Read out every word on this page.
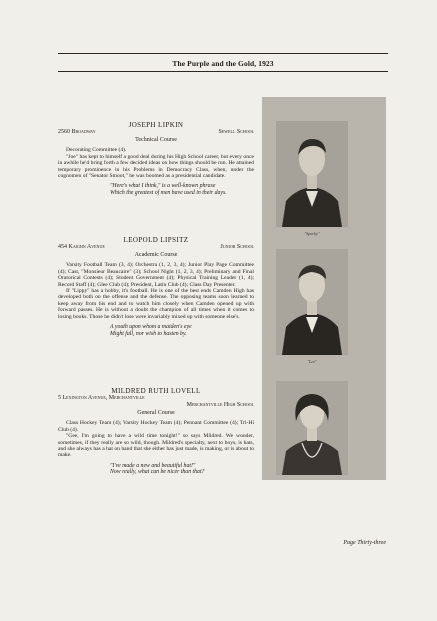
The Purple and the Gold, 1923
JOSEPH LIPKIN
2560 Broadway	Sewell School
Technical Course

Decorating Committee (4).

"Joe" has kept to himself a good deal during his High School career, but every once in awhile he'd bring forth a few decided ideas on how things should be run. He attained temporary prominence in his Problems in Democracy Class, when, under the cognomen of "Senator Smoot," he was boomed as a presidential candidate.

"Here's what I think," is a well-known phrase
Which the greatest of men have used in their days.
LEOPOLD LIPSITZ
454 Kaighn Avenue	Junior School
Academic Course

Varsity Football Team (3, 4); Orchestra (1, 2, 3, 4); Junior Play Page Committee (4); Cast, "Monsieur Beaucaire" (3); School Night (1, 2, 3, 4); Preliminary and Final Oratorical Contests (4); Student Government (4); Physical Training Leader (1, 4); Record Staff (4); Glee Club (4); President, Latin Club (4); Class Day Presenter.

If "Lippy" has a hobby, it's football. He is one of the best ends Camden High has developed both on the offense and the defense. The opposing teams soon learned to keep away from his end and to watch him closely when Camden opened up with forward passes. He is without a doubt the champion of all times when it comes to losing books. Those he didn't lose were invariably mixed up with someone else's.

A youth upon whom a maiden's eye
Might fall, nor wish to hasten by.
MILDRED RUTH LOVELL
5 Lexington Avenue, Merchantville
Merchantville High School
General Course

Class Hockey Team (4); Varsity Hockey Team (4); Pennant Committee (4); Tri-Hi Club (4).

"Gee, I'm going to have a wild time tonight!" so says Mildred. We wonder, sometimes, if they really are so wild, though. Mildred's specialty, next to boys, is hats, and she always has a hat on hand that she either has just made, is making, or is about to make.

"I've made a new and beautiful hat!"
Now really, what can be nicer than that?
"Sparky"
"Lee"
"Bill"
Page Thirty-three
